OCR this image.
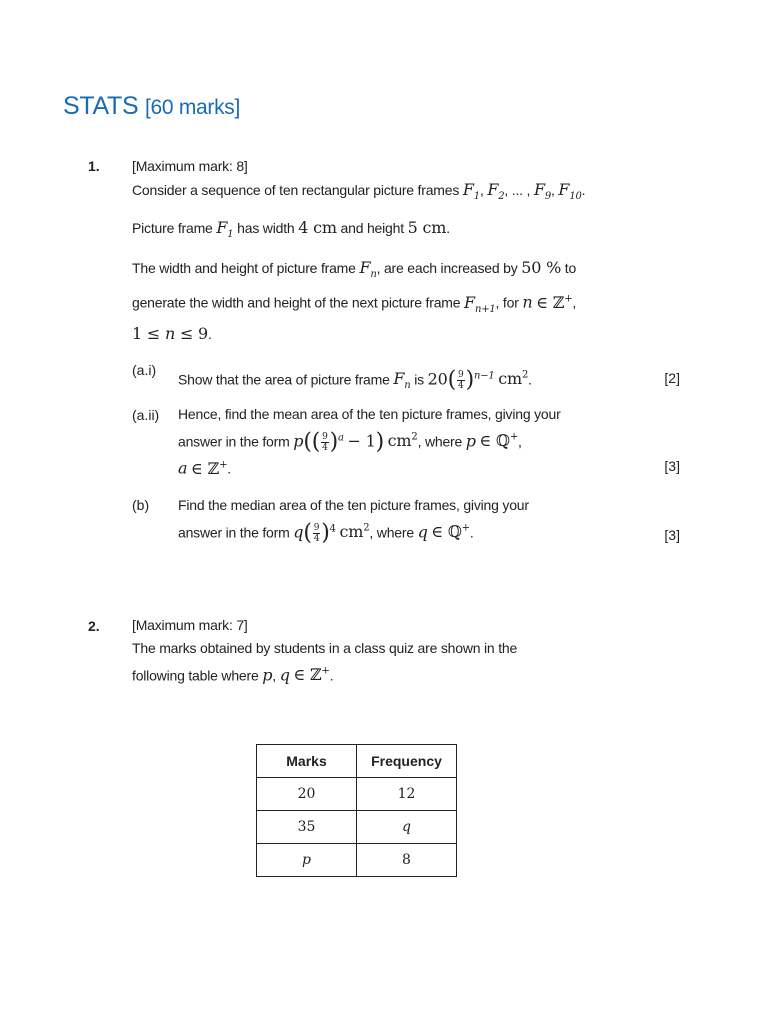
STATS [60 marks]
1. [Maximum mark: 8]
Consider a sequence of ten rectangular picture frames $F_1$, $F_2$, ... , $F_9$, $F_{10}$.
Picture frame $F_1$ has width 4 cm and height 5 cm.
The width and height of picture frame $F_n$, are each increased by 50 % to
generate the width and height of the next picture frame $F_{n+1}$, for n ∈ ℤ+,
1 ≤ n ≤ 9.
(a.i)
Show that the area of picture frame $F_n$ is $20( \frac{9}{4} )^{n-1}$ $cm^2$.	[2]
(a.ii) Hence, find the mean area of the ten picture frames, giving your
answer in the form $p(( \frac{9}{4} )^a - 1)$ $cm^2$, where p ∈ ℚ+,
a ∈ ℤ+.	[3]
(b) Find the median area of the ten picture frames, giving your
answer in the form $q( \frac{9}{4} )^4$ $cm^2$, where q ∈ ℚ+.	[3]
2. [Maximum mark: 7]
The marks obtained by students in a class quiz are shown in the
following table where p, q ∈ ℤ+.
Marks	Frequency
20	12
35	q
p	8
